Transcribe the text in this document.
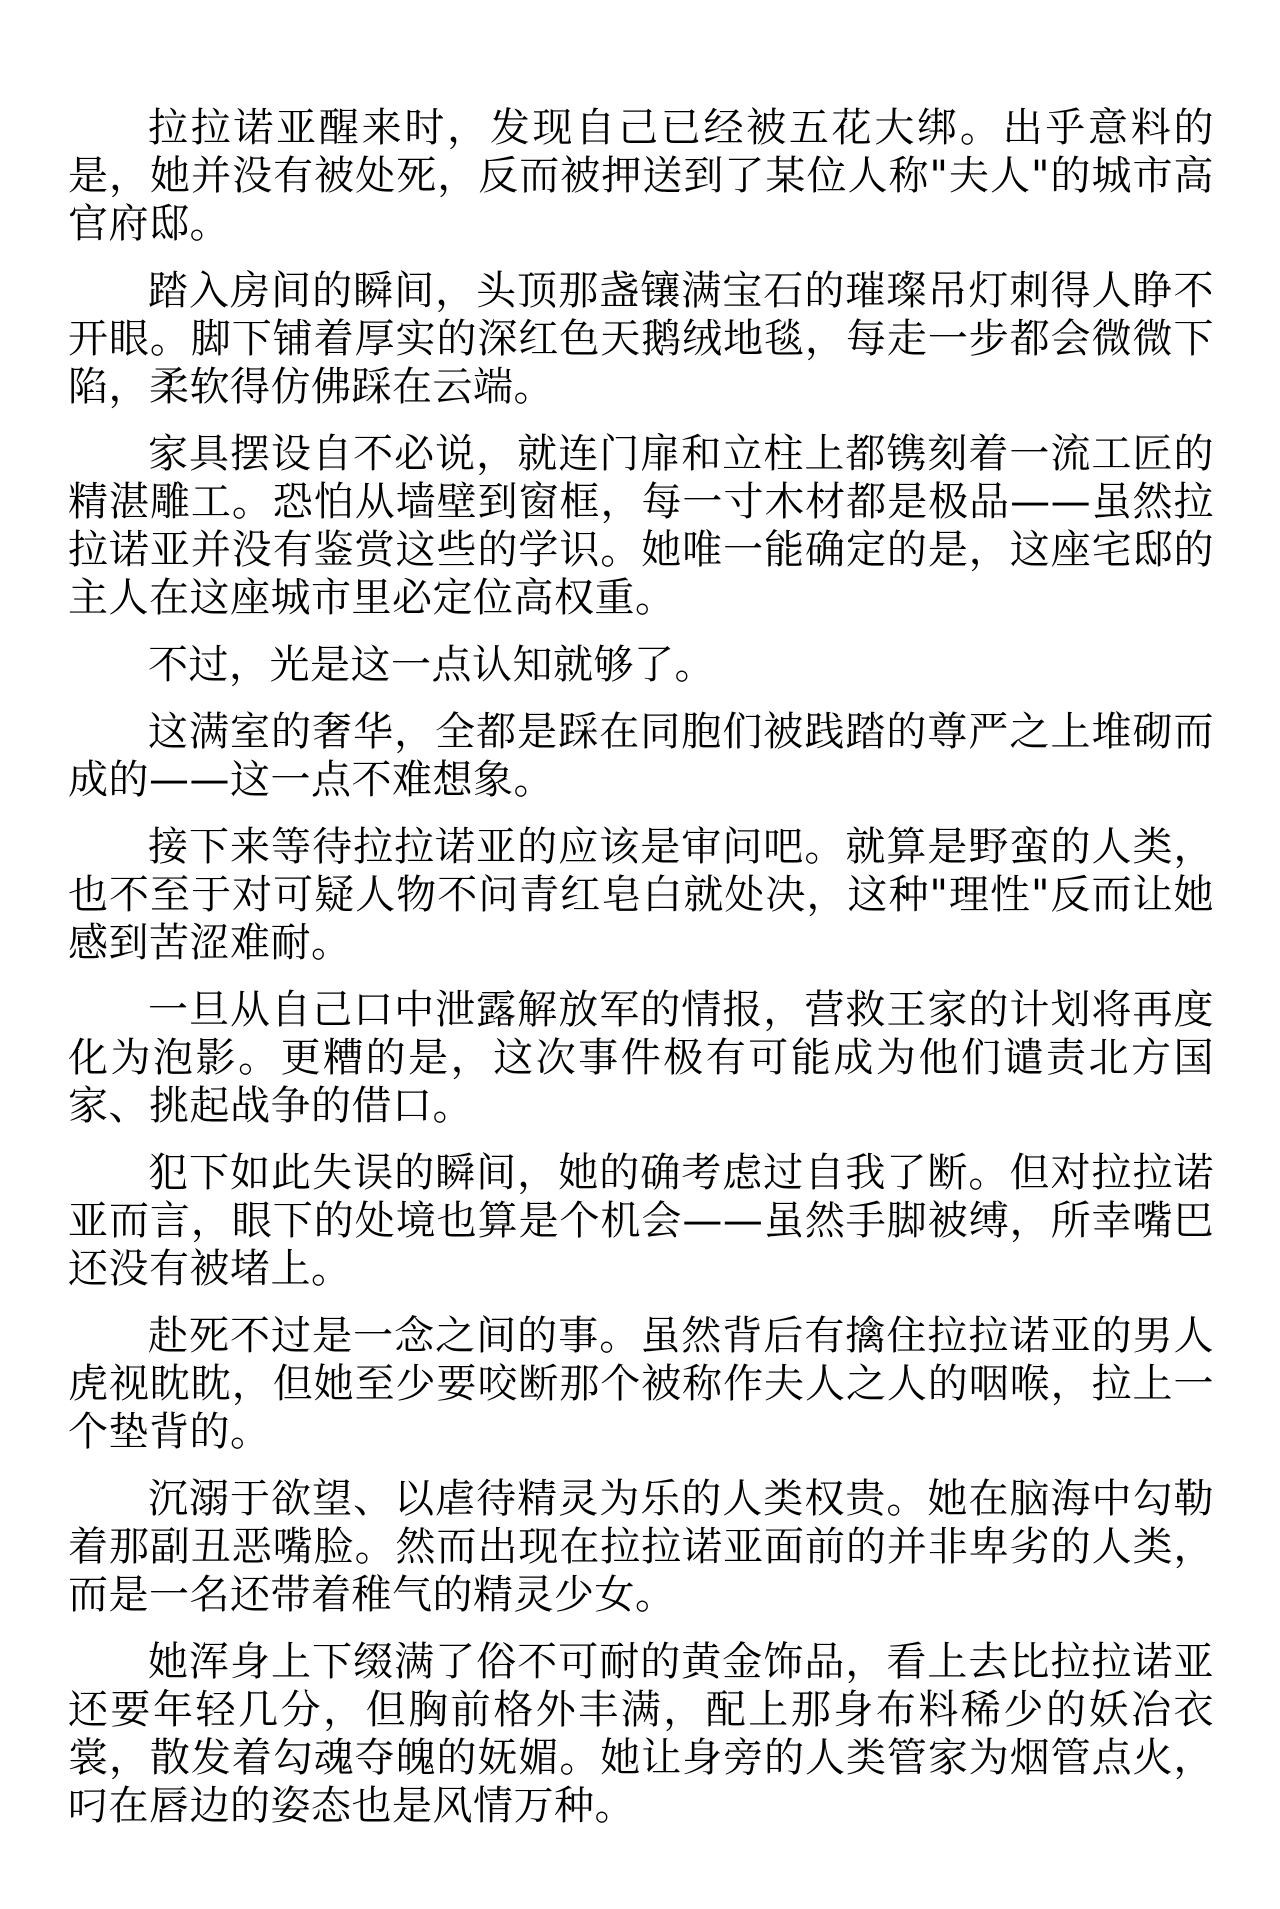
拉拉诺亚醒来时，发现自己已经被五花大绑。出乎意料的是，她并没有被处死，反而被押送到了某位人称"夫人"的城市高官府邸。

踏入房间的瞬间，头顶那盏镶满宝石的璀璨吊灯刺得人睁不开眼。脚下铺着厚实的深红色天鹅绒地毯，每走一步都会微微下陷，柔软得仿佛踩在云端。

家具摆设自不必说，就连门扉和立柱上都镌刻着一流工匠的精湛雕工。恐怕从墙壁到窗框，每一寸木材都是极品——虽然拉拉诺亚并没有鉴赏这些的学识。她唯一能确定的是，这座宅邸的主人在这座城市里必定位高权重。

不过，光是这一点认知就够了。

这满室的奢华，全都是踩在同胞们被践踏的尊严之上堆砌而成的——这一点不难想象。

接下来等待拉拉诺亚的应该是审问吧。就算是野蛮的人类，也不至于对可疑人物不问青红皂白就处决，这种"理性"反而让她感到苦涩难耐。

一旦从自己口中泄露解放军的情报，营救王家的计划将再度化为泡影。更糟的是，这次事件极有可能成为他们谴责北方国家、挑起战争的借口。

犯下如此失误的瞬间，她的确考虑过自我了断。但对拉拉诺亚而言，眼下的处境也算是个机会——虽然手脚被缚，所幸嘴巴还没有被堵上。

赴死不过是一念之间的事。虽然背后有擒住拉拉诺亚的男人虎视眈眈，但她至少要咬断那个被称作夫人之人的咽喉，拉上一个垫背的。

沉溺于欲望、以虐待精灵为乐的人类权贵。她在脑海中勾勒着那副丑恶嘴脸。然而出现在拉拉诺亚面前的并非卑劣的人类，而是一名还带着稚气的精灵少女。

她浑身上下缀满了俗不可耐的黄金饰品，看上去比拉拉诺亚还要年轻几分，但胸前格外丰满，配上那身布料稀少的妖冶衣裳，散发着勾魂夺魄的妩媚。她让身旁的人类管家为烟管点火，叼在唇边的姿态也是风情万种。
